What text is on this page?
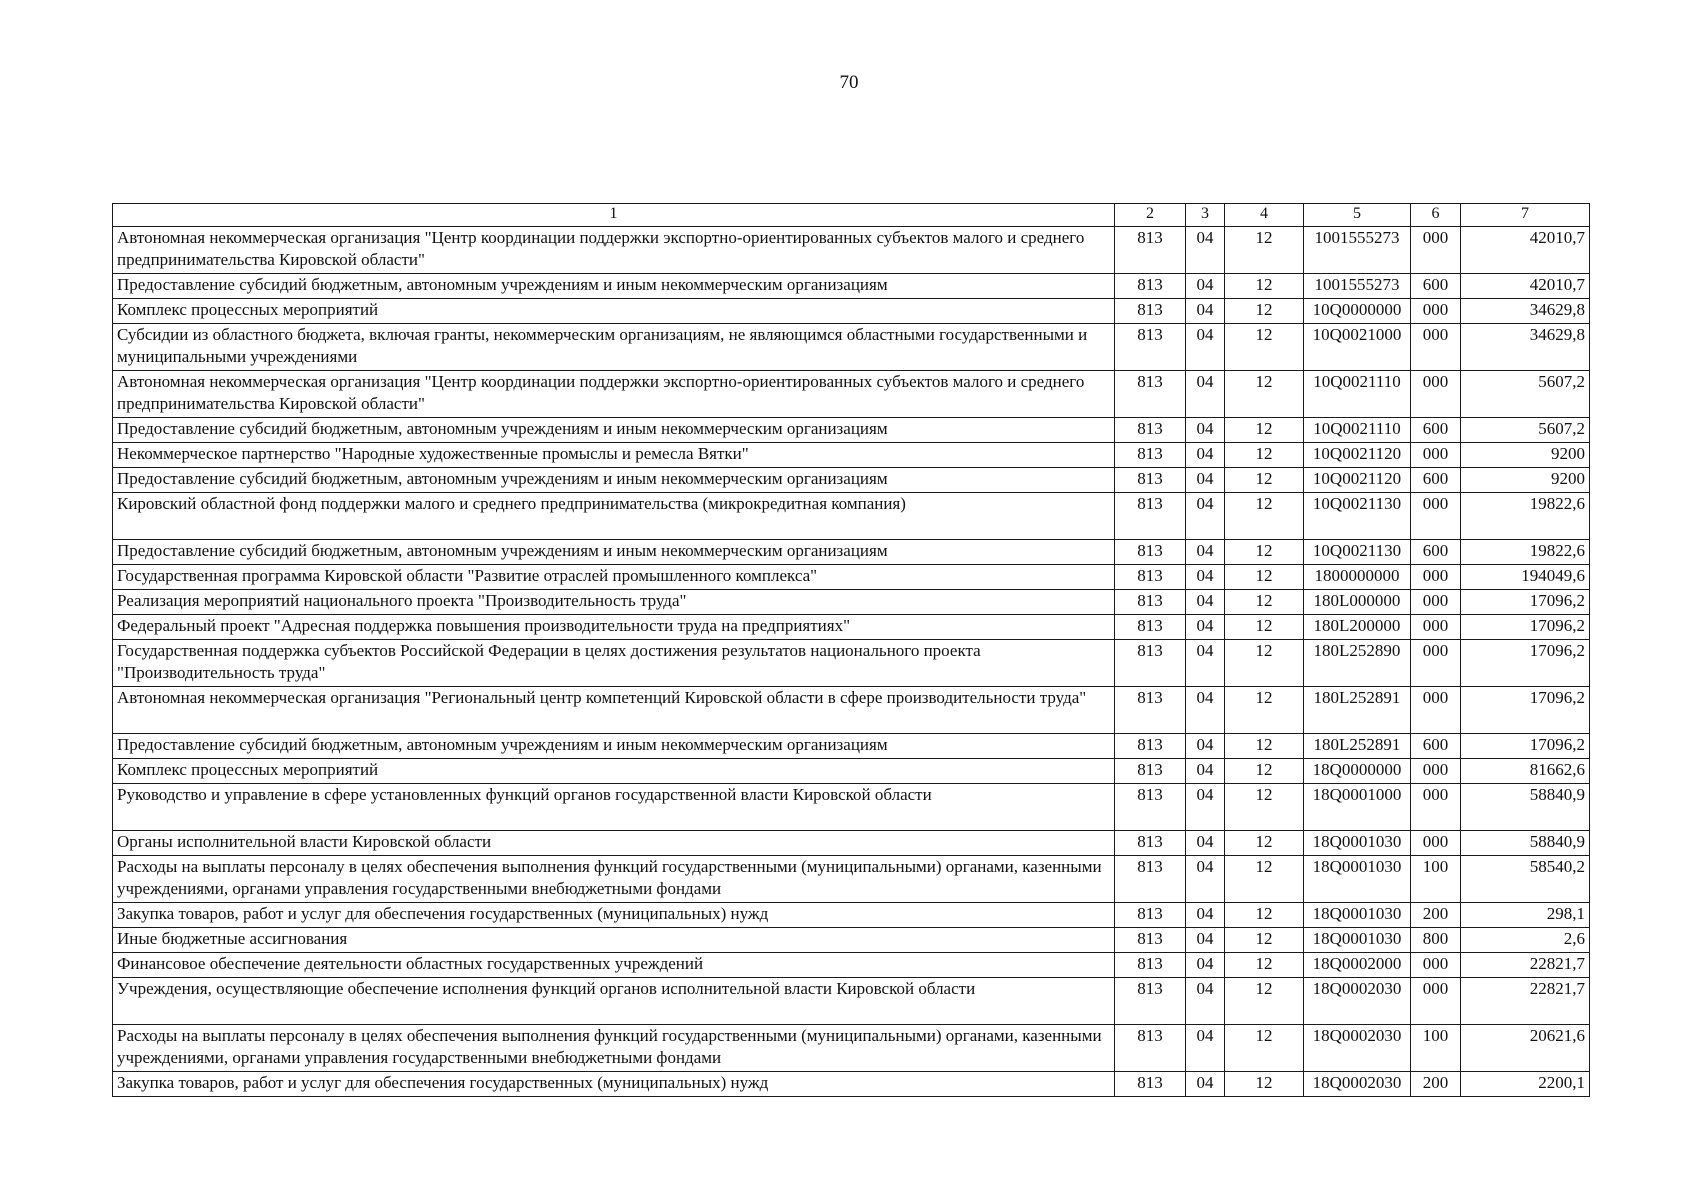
70
1	2	3	4	5	6	7
Автономная некоммерческая организация "Центр координации поддержки экспортно-ориентированных субъектов малого и среднего предпринимательства Кировской области"	813	04	12	1001555273	000	42010,7
Предоставление субсидий бюджетным, автономным учреждениям и иным некоммерческим организациям	813	04	12	1001555273	600	42010,7
Комплекс процессных мероприятий	813	04	12	10Q0000000	000	34629,8
Субсидии из областного бюджета, включая гранты, некоммерческим организациям, не являющимся областными государственными и муниципальными учреждениями	813	04	12	10Q0021000	000	34629,8
Автономная некоммерческая организация "Центр координации поддержки экспортно-ориентированных субъектов малого и среднего предпринимательства Кировской области"	813	04	12	10Q0021110	000	5607,2
Предоставление субсидий бюджетным, автономным учреждениям и иным некоммерческим организациям	813	04	12	10Q0021110	600	5607,2
Некоммерческое партнерство "Народные художественные промыслы и ремесла Вятки"	813	04	12	10Q0021120	000	9200
Предоставление субсидий бюджетным, автономным учреждениям и иным некоммерческим организациям	813	04	12	10Q0021120	600	9200
Кировский областной фонд поддержки малого и среднего предпринимательства (микрокредитная компания)	813	04	12	10Q0021130	000	19822,6
Предоставление субсидий бюджетным, автономным учреждениям и иным некоммерческим организациям	813	04	12	10Q0021130	600	19822,6
Государственная программа Кировской области "Развитие отраслей промышленного комплекса"	813	04	12	1800000000	000	194049,6
Реализация мероприятий национального проекта "Производительность труда"	813	04	12	180L000000	000	17096,2
Федеральный проект "Адресная поддержка повышения производительности труда на предприятиях"	813	04	12	180L200000	000	17096,2
Государственная поддержка субъектов Российской Федерации в целях достижения результатов национального проекта "Производительность труда"	813	04	12	180L252890	000	17096,2
Автономная некоммерческая организация "Региональный центр компетенций Кировской области в сфере производительности труда"	813	04	12	180L252891	000	17096,2
Предоставление субсидий бюджетным, автономным учреждениям и иным некоммерческим организациям	813	04	12	180L252891	600	17096,2
Комплекс процессных мероприятий	813	04	12	18Q0000000	000	81662,6
Руководство и управление в сфере установленных функций органов государственной власти Кировской области	813	04	12	18Q0001000	000	58840,9
Органы исполнительной власти Кировской области	813	04	12	18Q0001030	000	58840,9
Расходы на выплаты персоналу в целях обеспечения выполнения функций государственными (муниципальными) органами, казенными учреждениями, органами управления государственными внебюджетными фондами	813	04	12	18Q0001030	100	58540,2
Закупка товаров, работ и услуг для обеспечения государственных (муниципальных) нужд	813	04	12	18Q0001030	200	298,1
Иные бюджетные ассигнования	813	04	12	18Q0001030	800	2,6
Финансовое обеспечение деятельности областных государственных учреждений	813	04	12	18Q0002000	000	22821,7
Учреждения, осуществляющие обеспечение исполнения функций органов исполнительной власти Кировской области	813	04	12	18Q0002030	000	22821,7
Расходы на выплаты персоналу в целях обеспечения выполнения функций государственными (муниципальными) органами, казенными учреждениями, органами управления государственными внебюджетными фондами	813	04	12	18Q0002030	100	20621,6
Закупка товаров, работ и услуг для обеспечения государственных (муниципальных) нужд	813	04	12	18Q0002030	200	2200,1
